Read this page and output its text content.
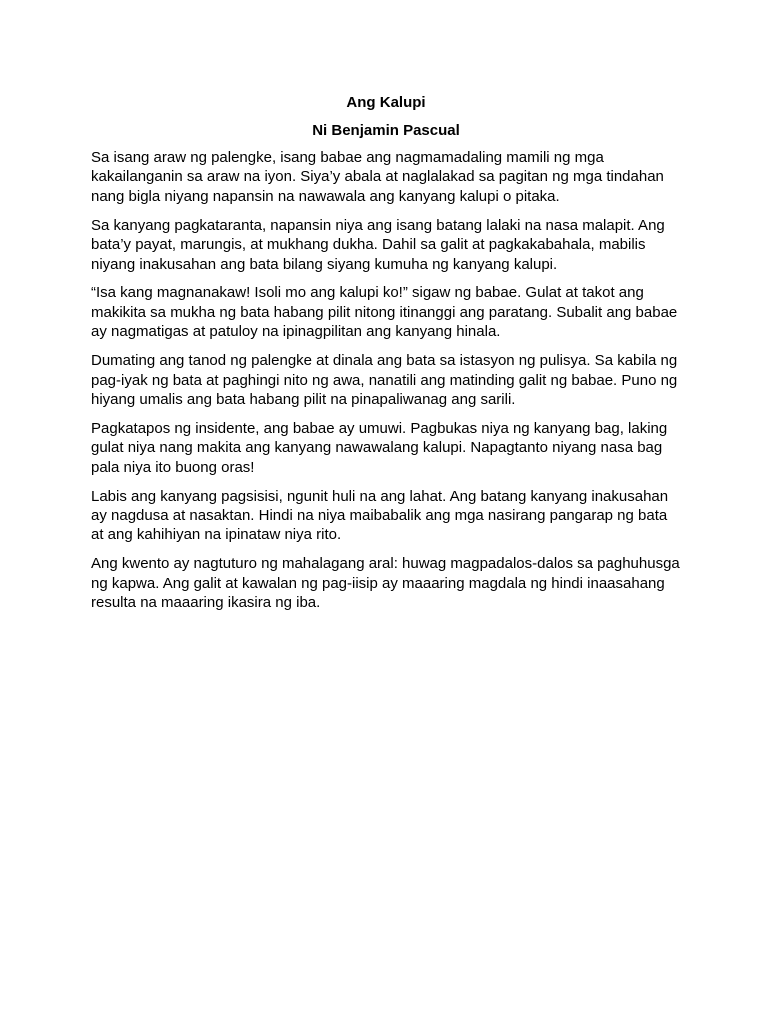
Ang Kalupi
Ni Benjamin Pascual

Sa isang araw ng palengke, isang babae ang nagmamadaling mamili ng mga kakailanganin sa araw na iyon. Siya’y abala at naglalakad sa pagitan ng mga tindahan nang bigla niyang napansin na nawawala ang kanyang kalupi o pitaka.

Sa kanyang pagkataranta, napansin niya ang isang batang lalaki na nasa malapit. Ang bata’y payat, marungis, at mukhang dukha. Dahil sa galit at pagkakabahala, mabilis niyang inakusahan ang bata bilang siyang kumuha ng kanyang kalupi.

“Isa kang magnanakaw! Isoli mo ang kalupi ko!” sigaw ng babae. Gulat at takot ang makikita sa mukha ng bata habang pilit nitong itinanggi ang paratang. Subalit ang babae ay nagmatigas at patuloy na ipinagpilitan ang kanyang hinala.

Dumating ang tanod ng palengke at dinala ang bata sa istasyon ng pulisya. Sa kabila ng pag-iyak ng bata at paghingi nito ng awa, nanatili ang matinding galit ng babae. Puno ng hiyang umalis ang bata habang pilit na pinapaliwanag ang sarili.

Pagkatapos ng insidente, ang babae ay umuwi. Pagbukas niya ng kanyang bag, laking gulat niya nang makita ang kanyang nawawalang kalupi. Napagtanto niyang nasa bag pala niya ito buong oras!

Labis ang kanyang pagsisisi, ngunit huli na ang lahat. Ang batang kanyang inakusahan ay nagdusa at nasaktan. Hindi na niya maibabalik ang mga nasirang pangarap ng bata at ang kahihiyan na ipinataw niya rito.

Ang kwento ay nagtuturo ng mahalagang aral: huwag magpadalos-dalos sa paghuhusga ng kapwa. Ang galit at kawalan ng pag-iisip ay maaaring magdala ng hindi inaasahang resulta na maaaring ikasira ng iba.
